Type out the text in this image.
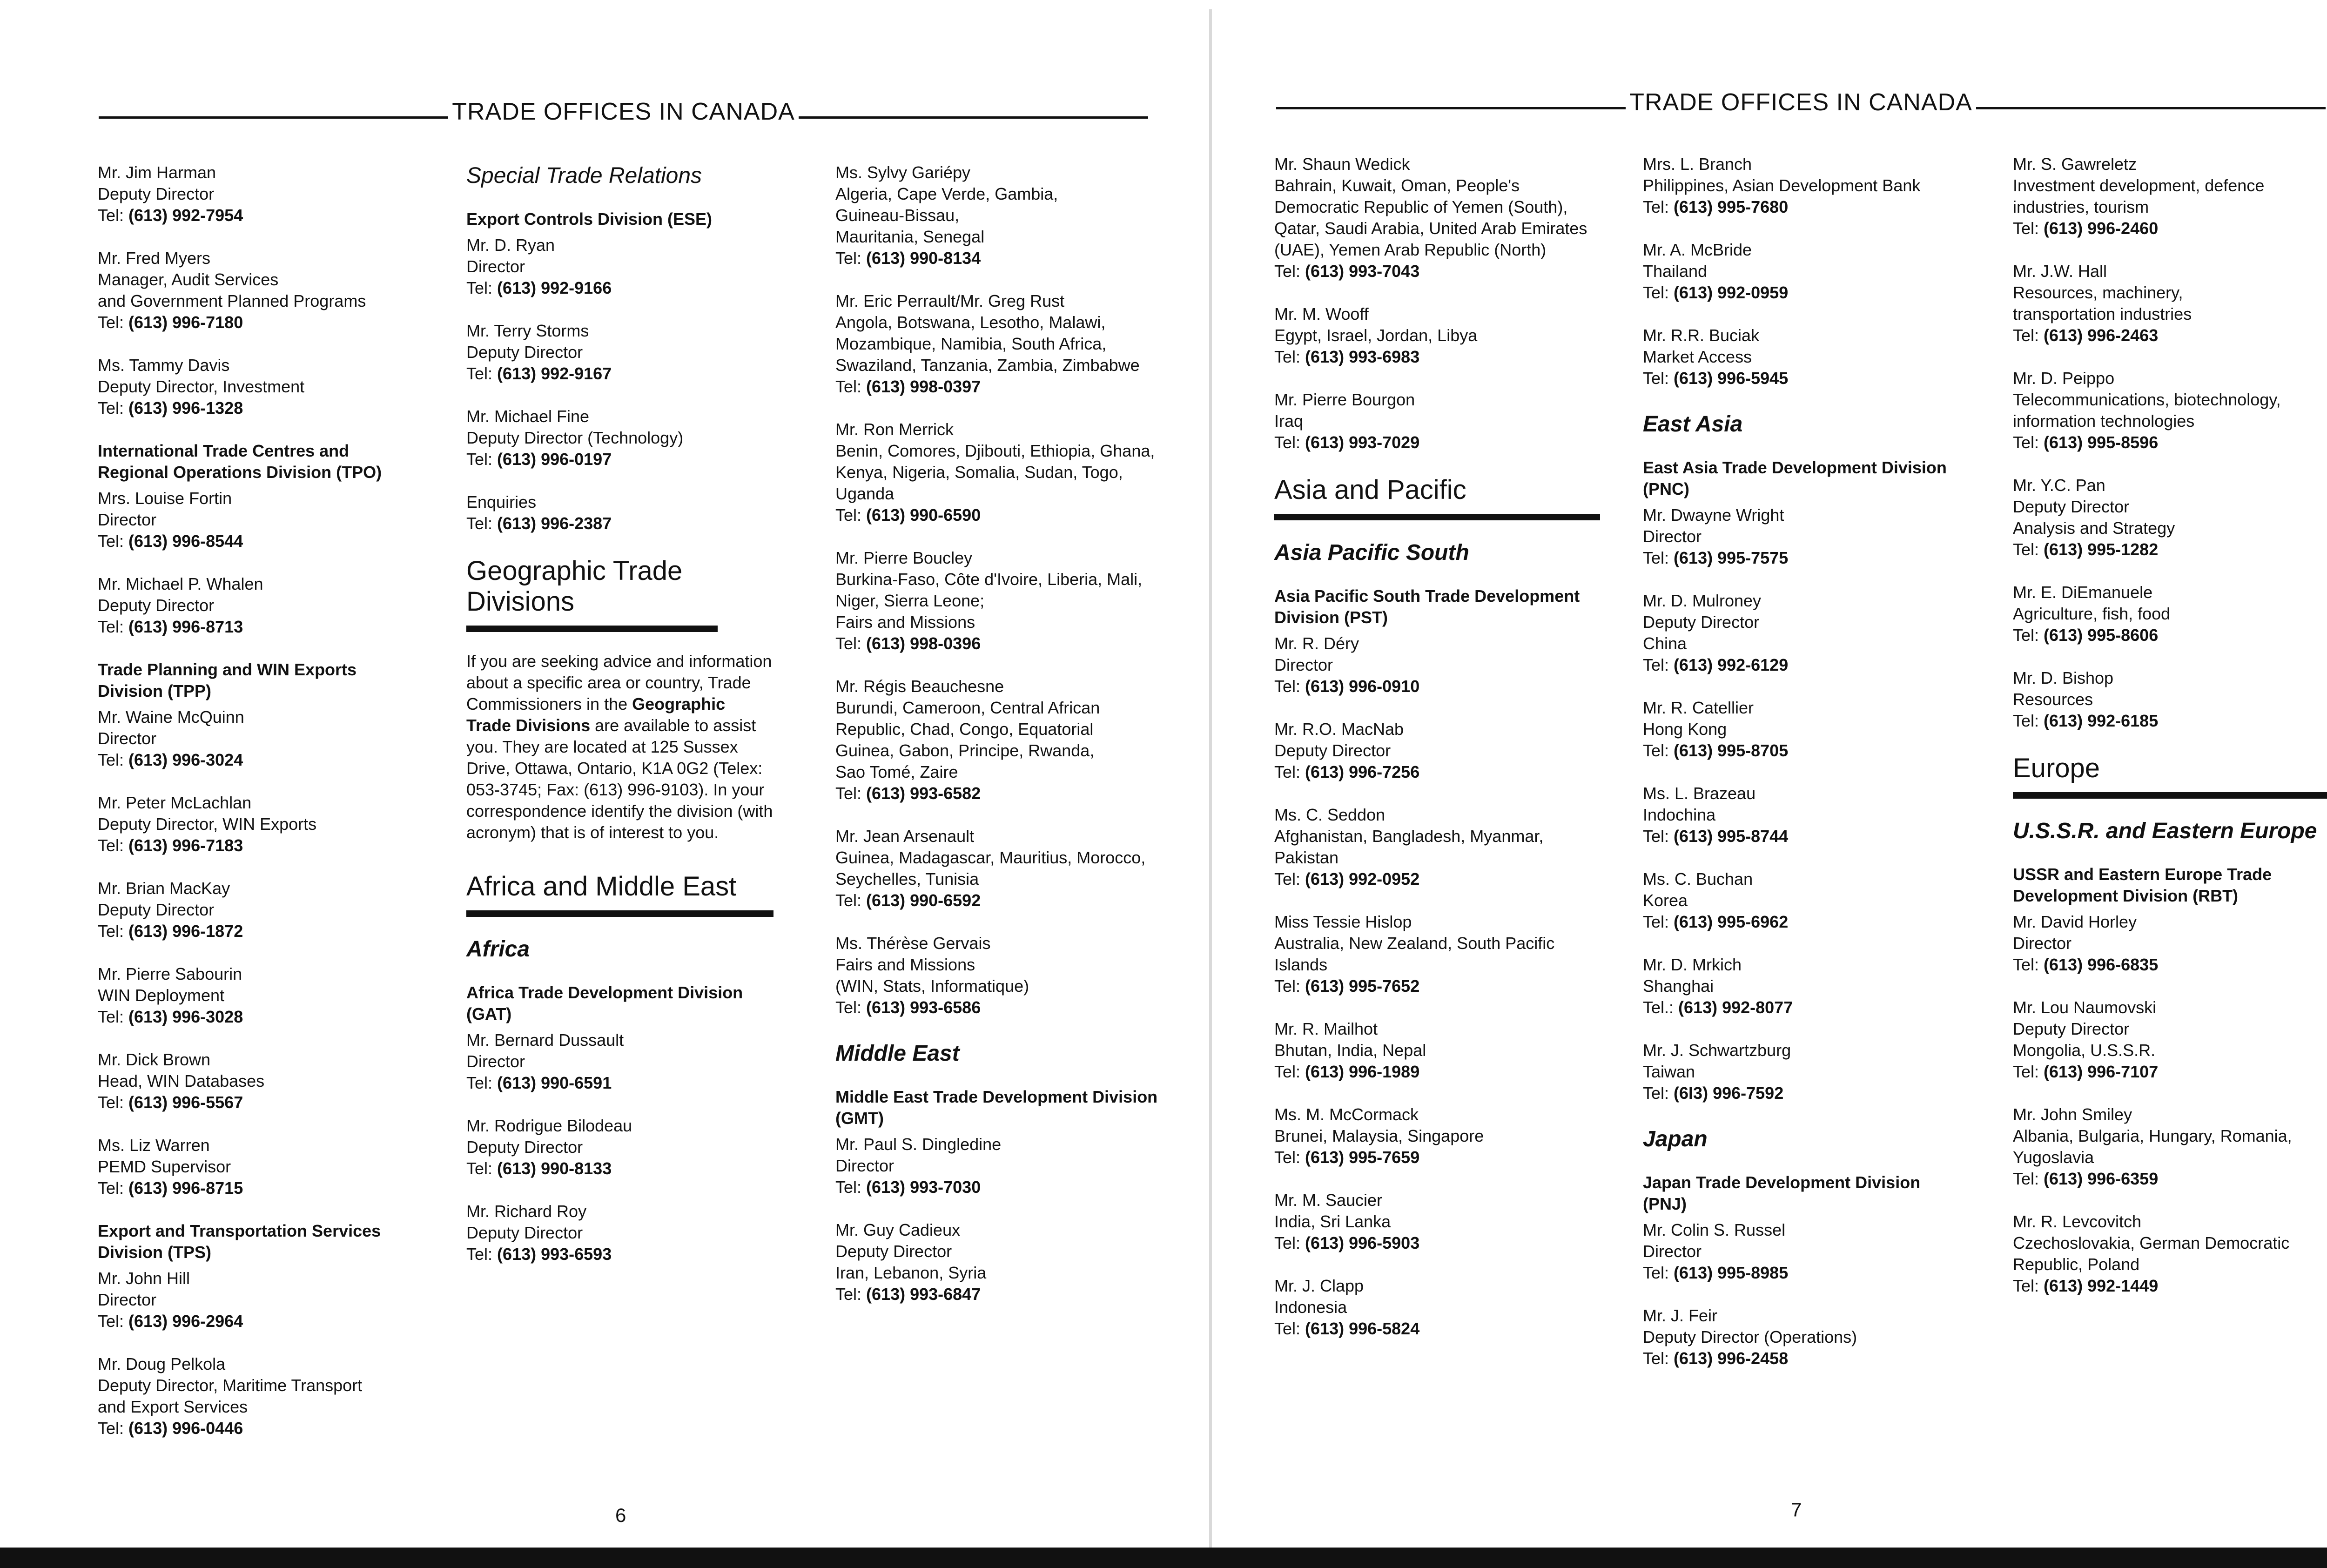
TRADE OFFICES IN CANADA	TRADE OFFICES IN CANADA
Mr. Jim Harman
Deputy Director
Tel: (613) 992-7954
Mr. Fred Myers
Manager, Audit Services
and Government Planned Programs
Tel: (613) 996-7180
Ms. Tammy Davis
Deputy Director, Investment
Tel: (613) 996-1328
International Trade Centres and Regional Operations Division (TPO)
Mrs. Louise Fortin
Director
Tel: (613) 996-8544
Mr. Michael P. Whalen
Deputy Director
Tel: (613) 996-8713
Trade Planning and WIN Exports Division (TPP)
Mr. Waine McQuinn
Director
Tel: (613) 996-3024
Mr. Peter McLachlan
Deputy Director, WIN Exports
Tel: (613) 996-7183
Mr. Brian MacKay
Deputy Director
Tel: (613) 996-1872
Mr. Pierre Sabourin
WIN Deployment
Tel: (613) 996-3028
Mr. Dick Brown
Head, WIN Databases
Tel: (613) 996-5567
Ms. Liz Warren
PEMD Supervisor
Tel: (613) 996-8715
Export and Transportation Services Division (TPS)
Mr. John Hill
Director
Tel: (613) 996-2964
Mr. Doug Pelkola
Deputy Director, Maritime Transport
and Export Services
Tel: (613) 996-0446
Special Trade Relations
Export Controls Division (ESE)
Mr. D. Ryan
Director
Tel: (613) 992-9166
Mr. Terry Storms
Deputy Director
Tel: (613) 992-9167
Mr. Michael Fine
Deputy Director (Technology)
Tel: (613) 996-0197
Enquiries
Tel: (613) 996-2387
Geographic Trade Divisions
If you are seeking advice and information about a specific area or country, Trade Commissioners in the Geographic Trade Divisions are available to assist you. They are located at 125 Sussex Drive, Ottawa, Ontario, K1A 0G2 (Telex: 053-3745; Fax: (613) 996-9103). In your correspondence identify the division (with acronym) that is of interest to you.
Africa and Middle East
Africa
Africa Trade Development Division (GAT)
Mr. Bernard Dussault
Director
Tel: (613) 990-6591
Mr. Rodrigue Bilodeau
Deputy Director
Tel: (613) 990-8133
Mr. Richard Roy
Deputy Director
Tel: (613) 993-6593
Ms. Sylvy Gariépy
Algeria, Cape Verde, Gambia,
Guineau-Bissau,
Mauritania, Senegal
Tel: (613) 990-8134
Mr. Eric Perrault/Mr. Greg Rust
Angola, Botswana, Lesotho, Malawi,
Mozambique, Namibia, South Africa,
Swaziland, Tanzania, Zambia, Zimbabwe
Tel: (613) 998-0397
Mr. Ron Merrick
Benin, Comores, Djibouti, Ethiopia, Ghana,
Kenya, Nigeria, Somalia, Sudan, Togo,
Uganda
Tel: (613) 990-6590
Mr. Pierre Boucley
Burkina-Faso, Côte d'Ivoire, Liberia, Mali,
Niger, Sierra Leone;
Fairs and Missions
Tel: (613) 998-0396
Mr. Régis Beauchesne
Burundi, Cameroon, Central African
Republic, Chad, Congo, Equatorial
Guinea, Gabon, Principe, Rwanda,
Sao Tomé, Zaire
Tel: (613) 993-6582
Mr. Jean Arsenault
Guinea, Madagascar, Mauritius, Morocco,
Seychelles, Tunisia
Tel: (613) 990-6592
Ms. Thérèse Gervais
Fairs and Missions
(WIN, Stats, Informatique)
Tel: (613) 993-6586
Middle East
Middle East Trade Development Division (GMT)
Mr. Paul S. Dingledine
Director
Tel: (613) 993-7030
Mr. Guy Cadieux
Deputy Director
Iran, Lebanon, Syria
Tel: (613) 993-6847
Mr. Shaun Wedick
Bahrain, Kuwait, Oman, People's
Democratic Republic of Yemen (South),
Qatar, Saudi Arabia, United Arab Emirates
(UAE), Yemen Arab Republic (North)
Tel: (613) 993-7043
Mr. M. Wooff
Egypt, Israel, Jordan, Libya
Tel: (613) 993-6983
Mr. Pierre Bourgon
Iraq
Tel: (613) 993-7029
Asia and Pacific
Asia Pacific South
Asia Pacific South Trade Development Division (PST)
Mr. R. Déry
Director
Tel: (613) 996-0910
Mr. R.O. MacNab
Deputy Director
Tel: (613) 996-7256
Ms. C. Seddon
Afghanistan, Bangladesh, Myanmar,
Pakistan
Tel: (613) 992-0952
Miss Tessie Hislop
Australia, New Zealand, South Pacific
Islands
Tel: (613) 995-7652
Mr. R. Mailhot
Bhutan, India, Nepal
Tel: (613) 996-1989
Ms. M. McCormack
Brunei, Malaysia, Singapore
Tel: (613) 995-7659
Mr. M. Saucier
India, Sri Lanka
Tel: (613) 996-5903
Mr. J. Clapp
Indonesia
Tel: (613) 996-5824
Mrs. L. Branch
Philippines, Asian Development Bank
Tel: (613) 995-7680
Mr. A. McBride
Thailand
Tel: (613) 992-0959
Mr. R.R. Buciak
Market Access
Tel: (613) 996-5945
East Asia
East Asia Trade Development Division (PNC)
Mr. Dwayne Wright
Director
Tel: (613) 995-7575
Mr. D. Mulroney
Deputy Director
China
Tel: (613) 992-6129
Mr. R. Catellier
Hong Kong
Tel: (613) 995-8705
Ms. L. Brazeau
Indochina
Tel: (613) 995-8744
Ms. C. Buchan
Korea
Tel: (613) 995-6962
Mr. D. Mrkich
Shanghai
Tel.: (613) 992-8077
Mr. J. Schwartzburg
Taiwan
Tel: (6I3) 996-7592
Japan
Japan Trade Development Division (PNJ)
Mr. Colin S. Russel
Director
Tel: (613) 995-8985
Mr. J. Feir
Deputy Director (Operations)
Tel: (613) 996-2458
Mr. S. Gawreletz
Investment development, defence
industries, tourism
Tel: (613) 996-2460
Mr. J.W. Hall
Resources, machinery,
transportation industries
Tel: (613) 996-2463
Mr. D. Peippo
Telecommunications, biotechnology,
information technologies
Tel: (613) 995-8596
Mr. Y.C. Pan
Deputy Director
Analysis and Strategy
Tel: (613) 995-1282
Mr. E. DiEmanuele
Agriculture, fish, food
Tel: (613) 995-8606
Mr. D. Bishop
Resources
Tel: (613) 992-6185
Europe
U.S.S.R. and Eastern Europe
USSR and Eastern Europe Trade Development Division (RBT)
Mr. David Horley
Director
Tel: (613) 996-6835
Mr. Lou Naumovski
Deputy Director
Mongolia, U.S.S.R.
Tel: (613) 996-7107
Mr. John Smiley
Albania, Bulgaria, Hungary, Romania,
Yugoslavia
Tel: (613) 996-6359
Mr. R. Levcovitch
Czechoslovakia, German Democratic
Republic, Poland
Tel: (613) 992-1449
6	7
